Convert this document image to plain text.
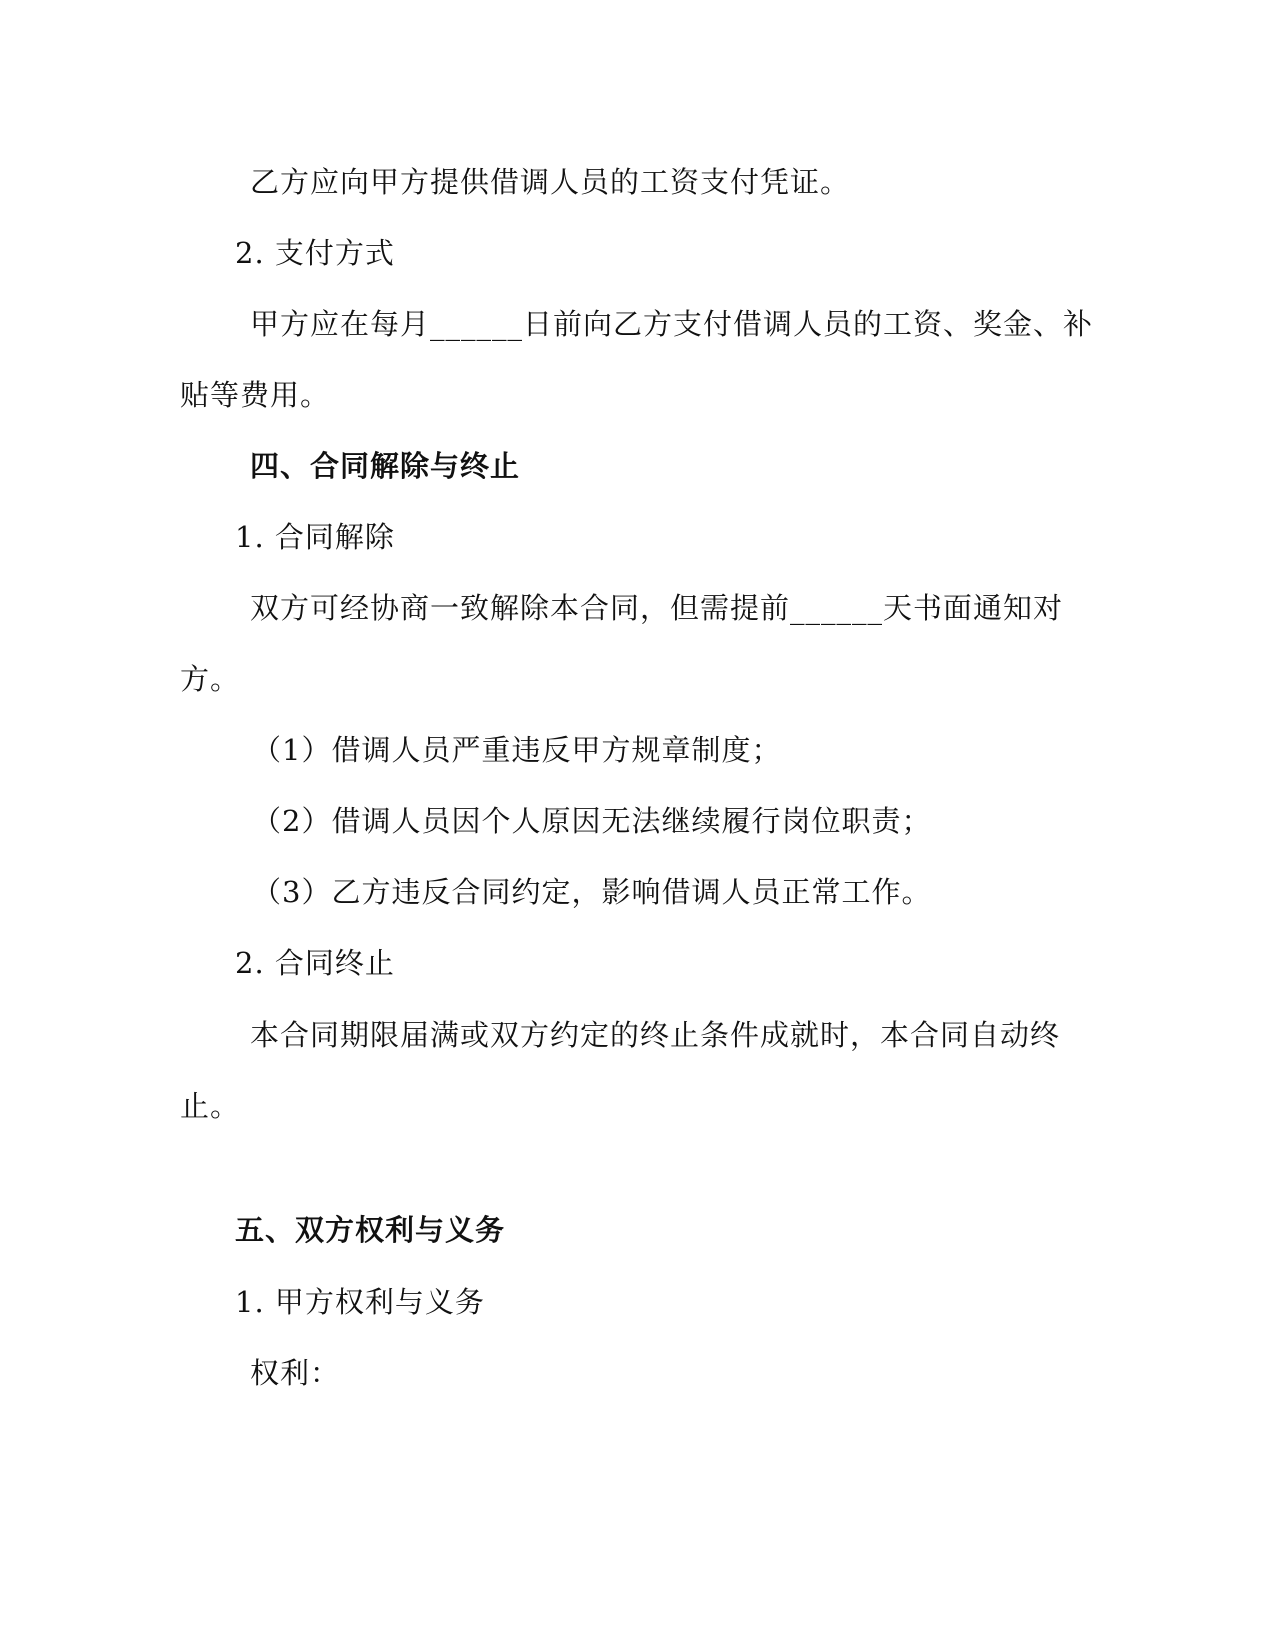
乙方应向甲方提供借调人员的工资支付凭证。
2. 支付方式
甲方应在每月______日前向乙方支付借调人员的工资、奖金、补
贴等费用。
四、合同解除与终止
1. 合同解除
双方可经协商一致解除本合同，但需提前______天书面通知对
方。
（1）借调人员严重违反甲方规章制度；
（2）借调人员因个人原因无法继续履行岗位职责；
（3）乙方违反合同约定，影响借调人员正常工作。
2. 合同终止
本合同期限届满或双方约定的终止条件成就时，本合同自动终
止。
五、双方权利与义务
1. 甲方权利与义务
权利：
